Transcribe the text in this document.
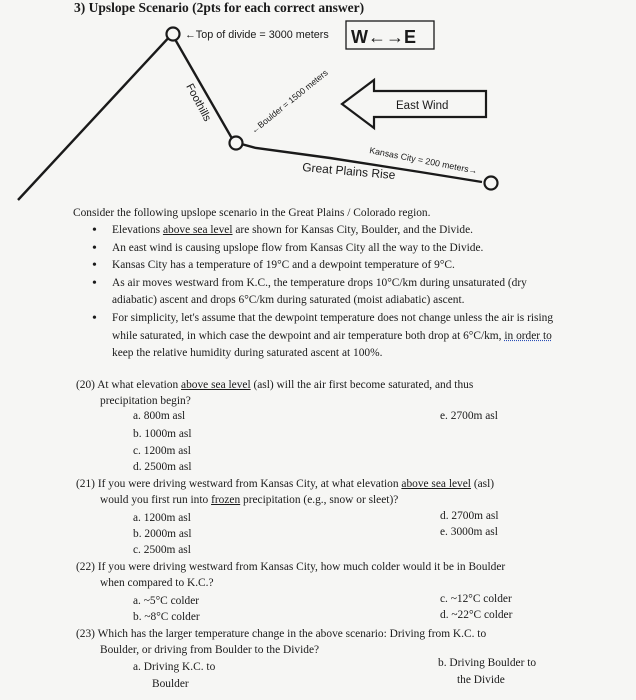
3) Upslope Scenario (2pts for each correct answer)
←Top of divide = 3000 meters W←→E
Foothills	←Boulder = 1500 meters	East Wind
Kansas City = 200 meters→
Great Plains Rise
Consider the following upslope scenario in the Great Plains / Colorado region.
• Elevations above sea level are shown for Kansas City, Boulder, and the Divide.
• An east wind is causing upslope flow from Kansas City all the way to the Divide.
• Kansas City has a temperature of 19°C and a dewpoint temperature of 9°C.
• As air moves westward from K.C., the temperature drops 10°C/km during unsaturated (dry adiabatic) ascent and drops 6°C/km during saturated (moist adiabatic) ascent.
• For simplicity, let's assume that the dewpoint temperature does not change unless the air is rising while saturated, in which case the dewpoint and air temperature both drop at 6°C/km, in order to keep the relative humidity during saturated ascent at 100%.
(20) At what elevation above sea level (asl) will the air first become saturated, and thus
precipitation begin?
a. 800m asl	e. 2700m asl
b. 1000m asl
c. 1200m asl
d. 2500m asl
(21) If you were driving westward from Kansas City, at what elevation above sea level (asl)
would you first run into frozen precipitation (e.g., snow or sleet)?
a. 1200m asl	d. 2700m asl
b. 2000m asl	e. 3000m asl
c. 2500m asl
(22) If you were driving westward from Kansas City, how much colder would it be in Boulder
when compared to K.C.?
a. ~5°C colder	c. ~12°C colder
b. ~8°C colder	d. ~22°C colder
(23) Which has the larger temperature change in the above scenario: Driving from K.C. to
Boulder, or driving from Boulder to the Divide?
a. Driving K.C. to
Boulder
b. Driving Boulder to
the Divide
